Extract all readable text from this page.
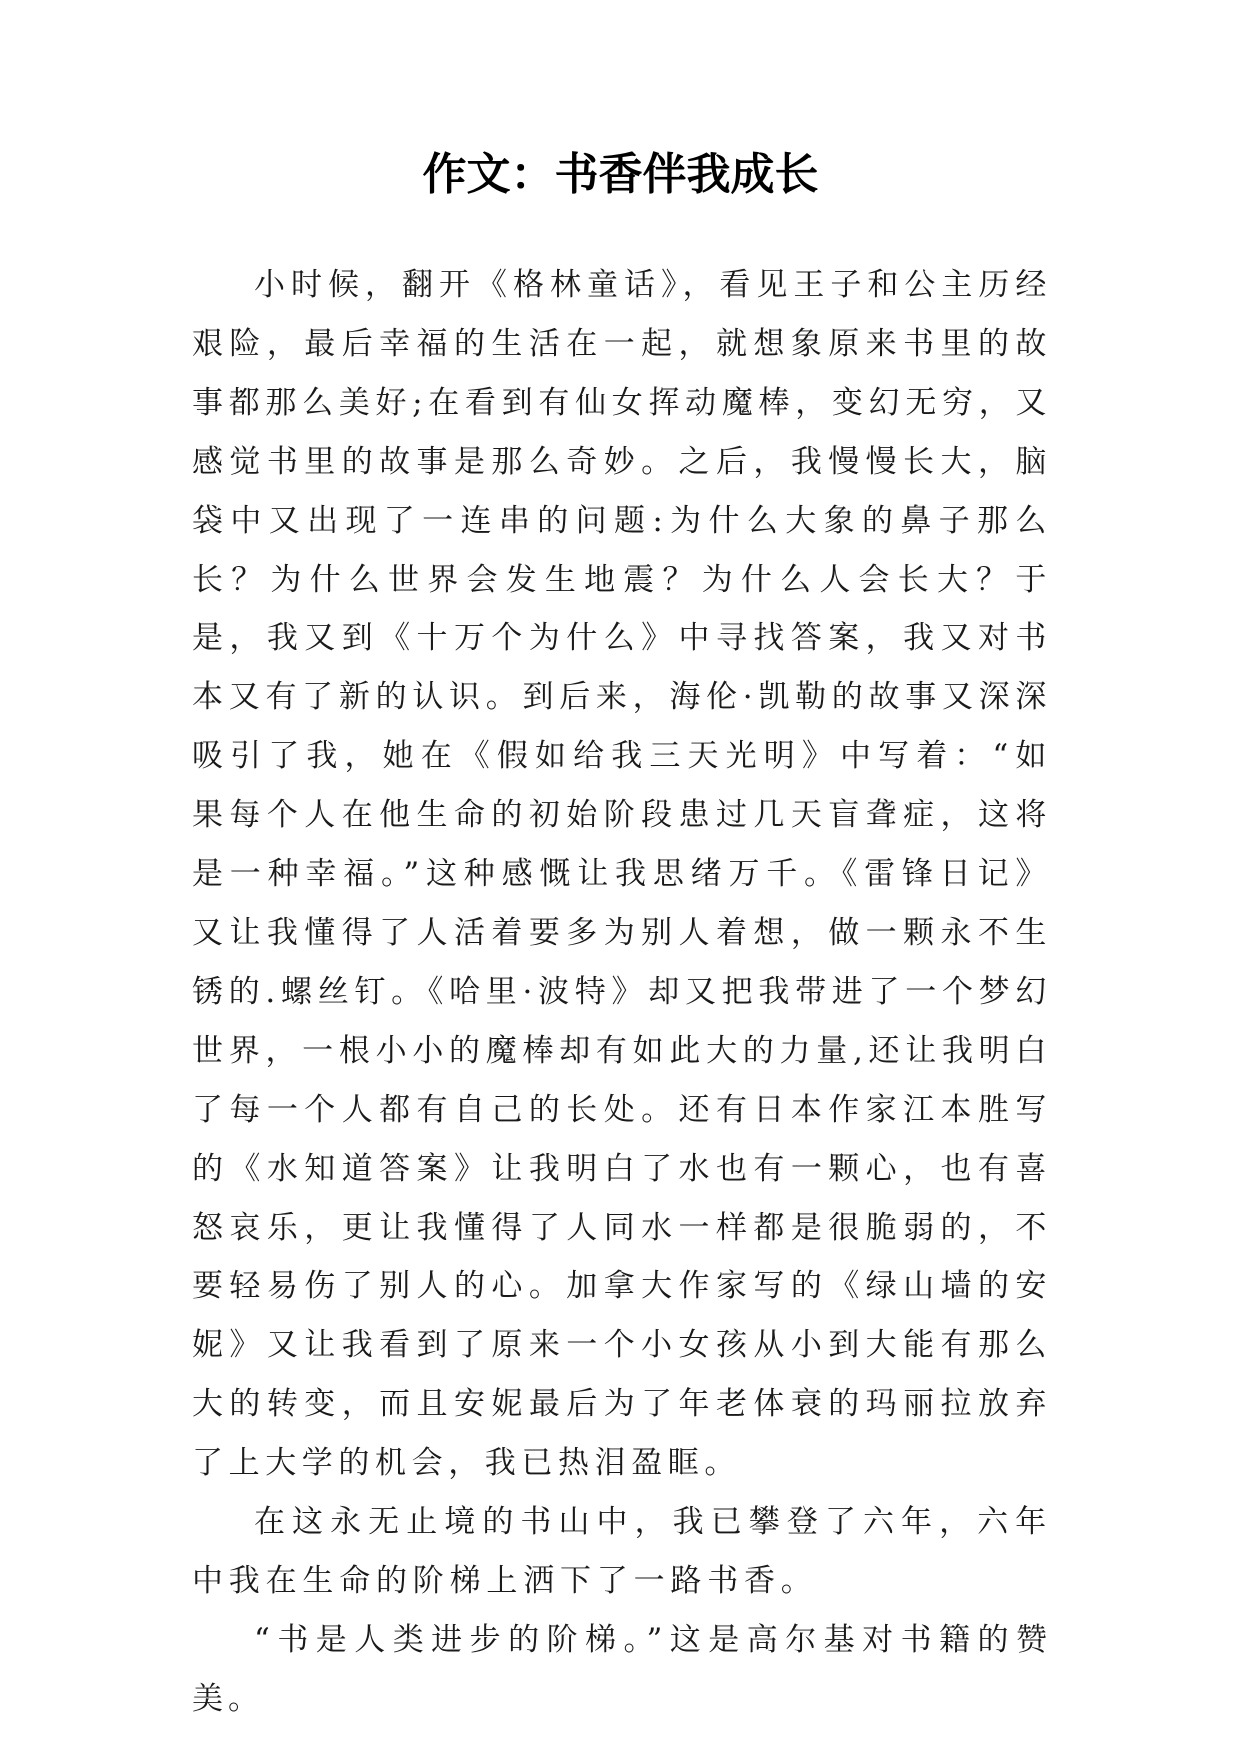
作文：书香伴我成长

小时候，翻开《格林童话》，看见王子和公主历经艰险，最后幸福的生活在一起，就想象原来书里的故事都那么美好;在看到有仙女挥动魔棒，变幻无穷，又感觉书里的故事是那么奇妙。之后，我慢慢长大，脑袋中又出现了一连串的问题:为什么大象的鼻子那么长？为什么世界会发生地震？为什么人会长大？于是，我又到《十万个为什么》中寻找答案，我又对书本又有了新的认识。到后来，海伦·凯勒的故事又深深吸引了我，她在《假如给我三天光明》中写着：“如果每个人在他生命的初始阶段患过几天盲聋症，这将是一种幸福。”这种感慨让我思绪万千。《雷锋日记》又让我懂得了人活着要多为别人着想，做一颗永不生锈的.螺丝钉。《哈里·波特》却又把我带进了一个梦幻世界，一根小小的魔棒却有如此大的力量,还让我明白了每一个人都有自己的长处。还有日本作家江本胜写的《水知道答案》让我明白了水也有一颗心，也有喜怒哀乐，更让我懂得了人同水一样都是很脆弱的，不要轻易伤了别人的心。加拿大作家写的《绿山墙的安妮》又让我看到了原来一个小女孩从小到大能有那么大的转变，而且安妮最后为了年老体衰的玛丽拉放弃了上大学的机会，我已热泪盈眶。

在这永无止境的书山中，我已攀登了六年，六年中我在生命的阶梯上洒下了一路书香。

“书是人类进步的阶梯。”这是高尔基对书籍的赞美。
